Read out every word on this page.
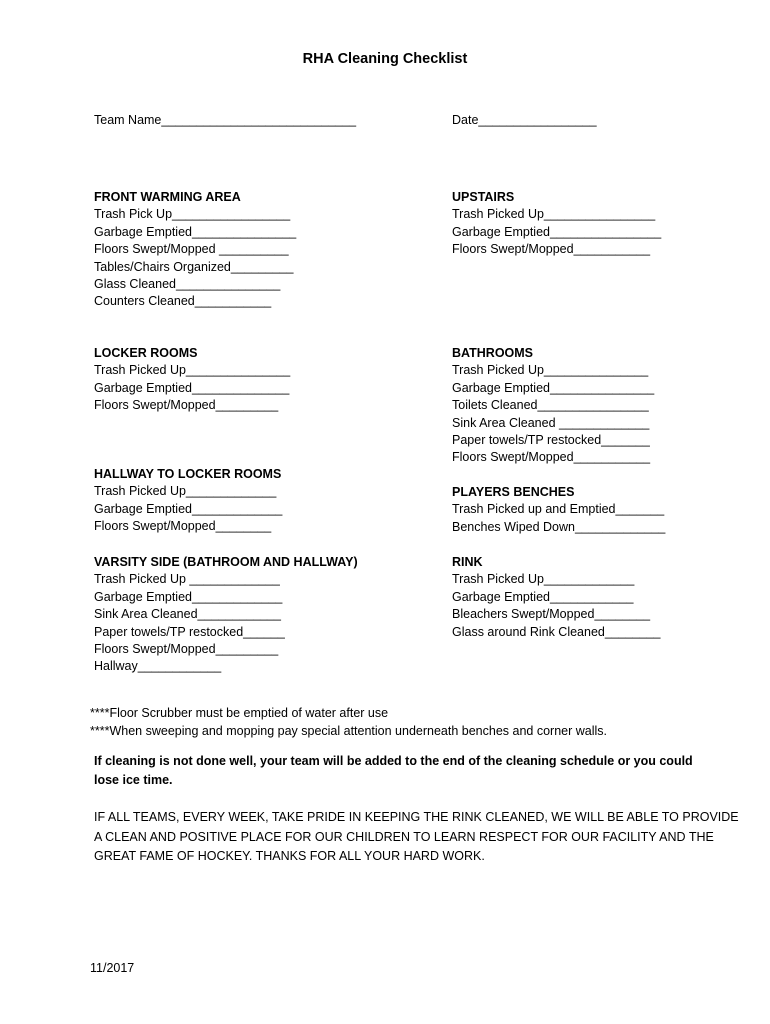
RHA Cleaning Checklist
Team Name____________________________	Date_________________
FRONT WARMING AREA
Trash Pick Up_________________
Garbage Emptied_______________
Floors Swept/Mopped __________
Tables/Chairs Organized_________
Glass Cleaned_______________
Counters Cleaned___________
UPSTAIRS
Trash Picked Up________________
Garbage Emptied________________
Floors Swept/Mopped___________
LOCKER ROOMS
Trash Picked Up_______________
Garbage Emptied______________
Floors Swept/Mopped_________
BATHROOMS
Trash Picked Up_______________
Garbage Emptied_______________
Toilets Cleaned________________
Sink Area Cleaned _____________
Paper towels/TP restocked_______
Floors Swept/Mopped___________
HALLWAY TO LOCKER ROOMS
Trash Picked Up_____________
Garbage Emptied_____________
Floors Swept/Mopped________
PLAYERS BENCHES
Trash Picked up and Emptied_______
Benches Wiped Down_____________
VARSITY SIDE (BATHROOM AND HALLWAY)
Trash Picked Up _____________
Garbage Emptied_____________
Sink Area Cleaned____________
Paper towels/TP restocked______
Floors Swept/Mopped_________
Hallway____________
RINK
Trash Picked Up_____________
Garbage Emptied____________
Bleachers Swept/Mopped________
Glass around Rink Cleaned________
****Floor Scrubber must be emptied of water after use
****When sweeping and mopping pay special attention underneath benches and corner walls.
If cleaning is not done well, your team will be added to the end of the cleaning schedule or you could
lose ice time.
IF ALL TEAMS, EVERY WEEK, TAKE PRIDE IN KEEPING THE RINK CLEANED, WE WILL BE ABLE TO PROVIDE
A CLEAN AND POSITIVE PLACE FOR OUR CHILDREN TO LEARN RESPECT FOR OUR FACILITY AND THE
GREAT FAME OF HOCKEY. THANKS FOR ALL YOUR HARD WORK.
11/2017
